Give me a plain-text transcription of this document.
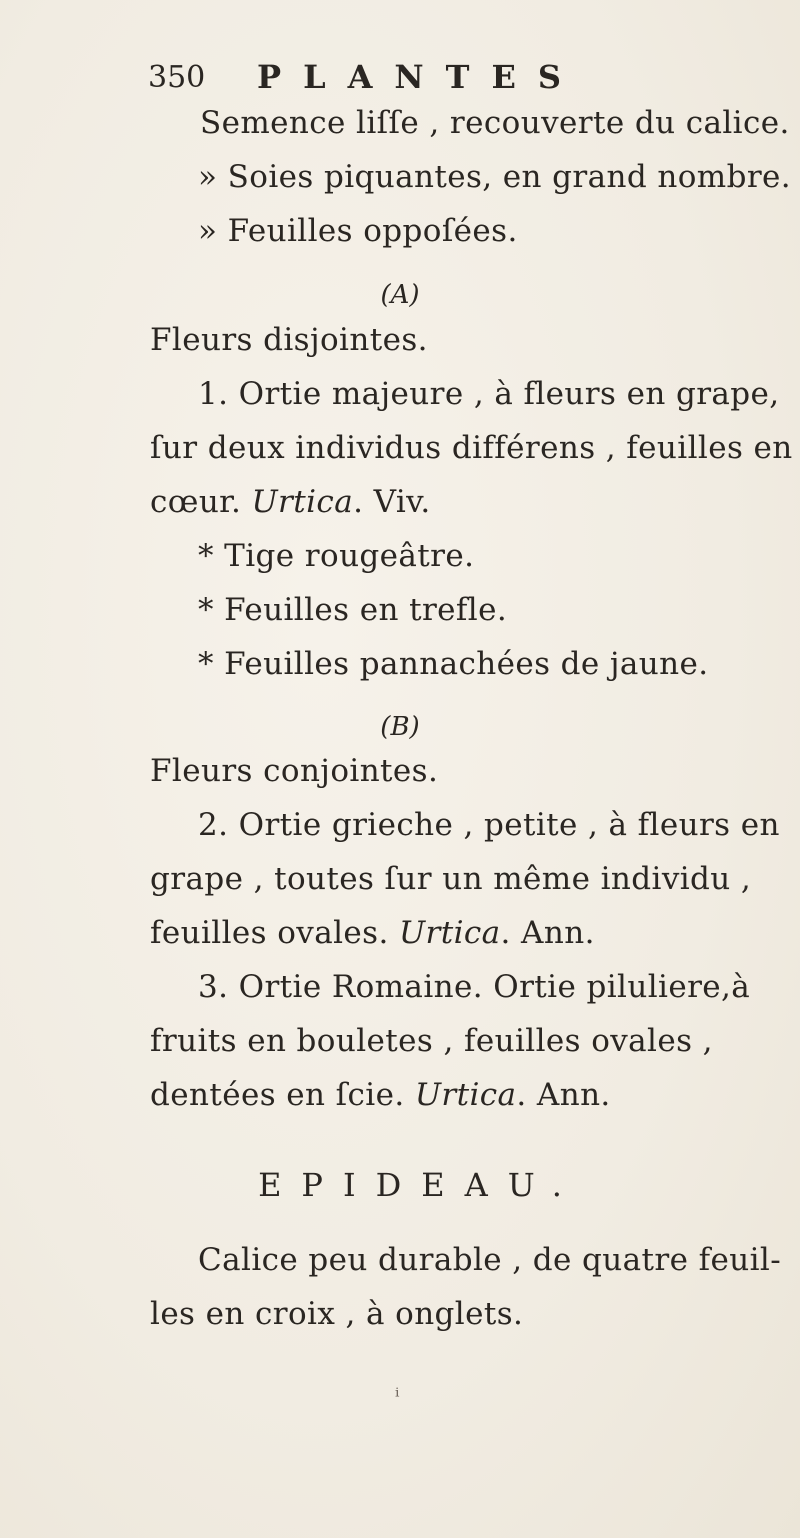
350 PLANTES
Semence liſſe , recouverte du calice.
» Soies piquantes, en grand nombre.
» Feuilles oppoſées.
(A)
Fleurs disjointes.
1. Ortie majeure , à fleurs en grape,
ſur deux individus différens , feuilles en
cœur. Urtica. Viv.
* Tige rougeâtre.
* Feuilles en trefle.
* Feuilles pannachées de jaune.
(B)
Fleurs conjointes.
2. Ortie grieche , petite , à fleurs en
grape , toutes ſur un même individu ,
feuilles ovales. Urtica. Ann.
3. Ortie Romaine. Ortie piluliere,à
fruits en bouletes , feuilles ovales ,
dentées en ſcie. Urtica. Ann.
EPIDEAU.
Calice peu durable , de quatre feuil-
les en croix , à onglets.
ⁱ
